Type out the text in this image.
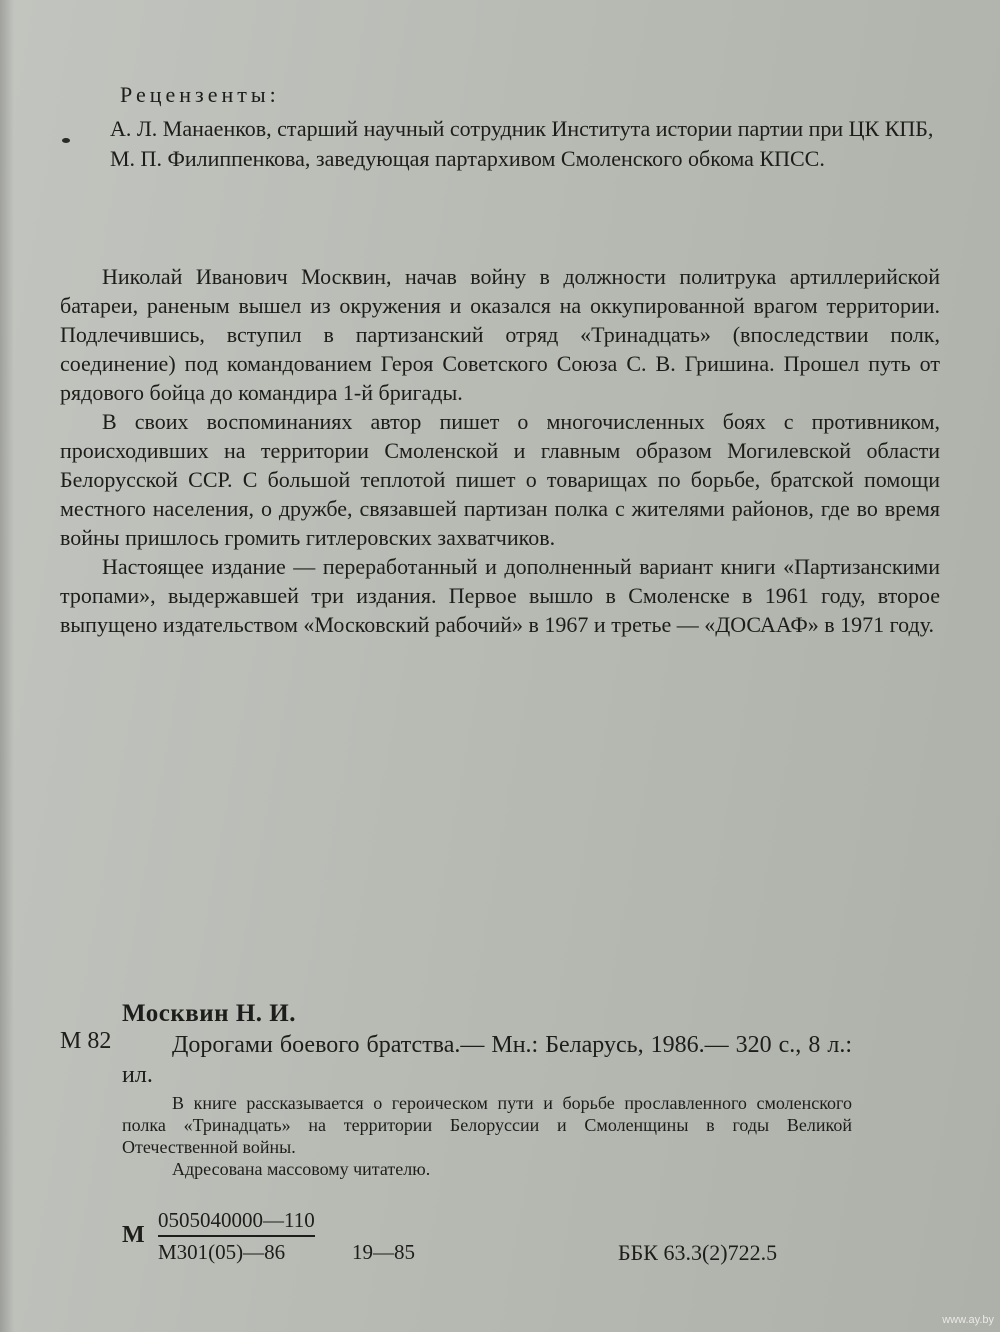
Рецензенты:

А. Л. Манаенков, старший научный сотрудник Института истории партии при ЦК КПБ,

М. П. Филиппенкова, заведующая партархивом Смоленского обкома КПСС.

Николай Иванович Москвин, начав войну в должности политрука артиллерийской батареи, раненым вышел из окружения и оказался на оккупированной врагом территории. Подлечившись, вступил в партизанский отряд «Тринадцать» (впоследствии полк, соединение) под командованием Героя Советского Союза С. В. Гришина. Прошел путь от рядового бойца до командира 1-й бригады.

В своих воспоминаниях автор пишет о многочисленных боях с противником, происходивших на территории Смоленской и главным образом Могилевской области Белорусской ССР. С большой теплотой пишет о товарищах по борьбе, братской помощи местного населения, о дружбе, связавшей партизан полка с жителями районов, где во время войны пришлось громить гитлеровских захватчиков.

Настоящее издание — переработанный и дополненный вариант книги «Партизанскими тропами», выдержавшей три издания. Первое вышло в Смоленске в 1961 году, второе выпущено издательством «Московский рабочий» в 1967 и третье — «ДОСААФ» в 1971 году.

Москвин Н. И.
М 82	Дорогами боевого братства.— Мн.: Беларусь, 1986.— 320 с., 8 л.: ил.

В книге рассказывается о героическом пути и борьбе прославленного смоленского полка «Тринадцать» на территории Белоруссии и Смоленщины в годы Великой Отечественной войны.

Адресована массовому читателю.

М
0505040000—110
М301(05)—86	19—85	ББК 63.3(2)722.5
www.ay.by
